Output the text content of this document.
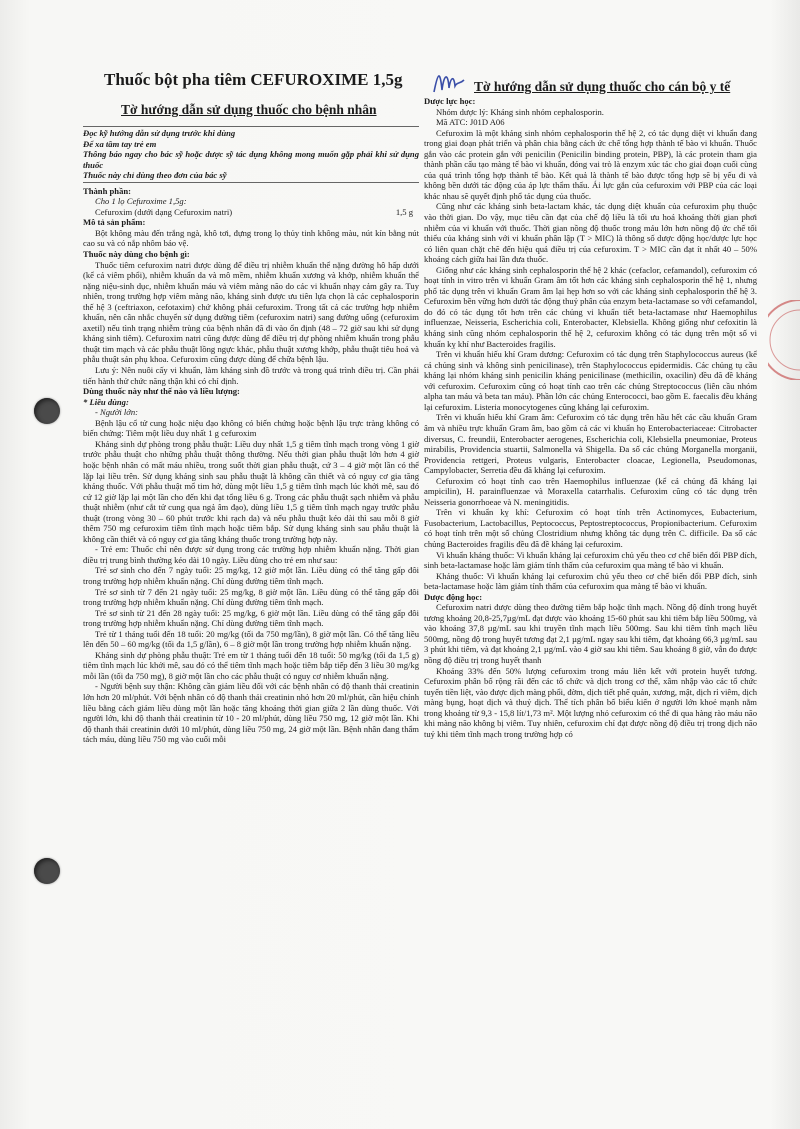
Thuốc bột pha tiêm CEFUROXIME 1,5g	Tờ hướng dẫn sử dụng thuốc cho cán bộ y tế
Tờ hướng dẫn sử dụng thuốc cho bệnh nhân
Đọc kỹ hướng dẫn sử dụng trước khi dùng
Để xa tầm tay trẻ em
Thông báo ngay cho bác sỹ hoặc dược sỹ tác dụng không mong muốn gặp phải khi sử dụng thuốc
Thuốc này chỉ dùng theo đơn của bác sỹ

Thành phần:

Cho 1 lọ Cefuroxime 1,5g:

Cefuroxim (dưới dạng Cefuroxim natri)	1,5 g

Mô tả sản phẩm:

Bột không màu đến trắng ngà, khô tơi, đựng trong lọ thủy tinh không màu, nút kín bằng nút cao su và có nắp nhôm bảo vệ.

Thuốc này dùng cho bệnh gì:

Thuốc tiêm cefuroxim natri được dùng để điều trị nhiễm khuẩn thể nặng đường hô hấp dưới (kể cả viêm phổi), nhiễm khuẩn da và mô mềm, nhiễm khuẩn xương và khớp, nhiễm khuẩn thể nặng niệu-sinh dục, nhiễm khuẩn máu và viêm màng não do các vi khuẩn nhạy cảm gây ra. Tuy nhiên, trong trường hợp viêm màng não, kháng sinh được ưu tiên lựa chọn là các cephalosporin thế hệ 3 (ceftriaxon, cefotaxim) chứ không phải cefuroxim. Trong tất cả các trường hợp nhiễm khuẩn, nên cân nhắc chuyển sử dụng đường tiêm (cefuroxim natri) sang đường uống (cefuroxim axetil) nếu tình trạng nhiễm trùng của bệnh nhân đã đi vào ổn định (48 – 72 giờ sau khi sử dụng kháng sinh tiêm). Cefuroxim natri cũng được dùng để điều trị dự phòng nhiễm khuẩn trong phẫu thuật tim mạch và các phẫu thuật lồng ngực khác, phẫu thuật xương khớp, phẫu thuật tiêu hoá và phẫu thuật sản phụ khoa. Cefuroxim cũng được dùng để chữa bệnh lậu.

Lưu ý: Nên nuôi cấy vi khuẩn, làm kháng sinh đồ trước và trong quá trình điều trị. Cần phải tiến hành thử chức năng thận khi có chỉ định.

Dùng thuốc này như thế nào và liều lượng:

* Liều dùng:

- Người lớn:

Bệnh lậu cổ tử cung hoặc niệu đạo không có biến chứng hoặc bệnh lậu trực tràng không có biến chứng: Tiêm một liều duy nhất 1 g cefuroxim

Kháng sinh dự phòng trong phẫu thuật: Liều duy nhất 1,5 g tiêm tĩnh mạch trong vòng 1 giờ trước phẫu thuật cho những phẫu thuật thông thường. Nếu thời gian phẫu thuật lớn hơn 4 giờ hoặc bệnh nhân có mất máu nhiều, trong suốt thời gian phẫu thuật, cứ 3 – 4 giờ một lần có thể lặp lại liều trên. Sử dụng kháng sinh sau phẫu thuật là không cần thiết và có nguy cơ gia tăng kháng thuốc. Với phẫu thuật mổ tim hở, dùng một liều 1,5 g tiêm tĩnh mạch lúc khởi mê, sau đó cứ 12 giờ lặp lại một lần cho đến khi đạt tổng liều 6 g. Trong các phẫu thuật sạch nhiễm và phẫu thuật nhiễm (như cắt tử cung qua ngả âm đạo), dùng liều 1,5 g tiêm tĩnh mạch ngay trước phẫu thuật (trong vòng 30 – 60 phút trước khi rạch da) và nếu phẫu thuật kéo dài thì sau mỗi 8 giờ thêm 750 mg cefuroxim tiêm tĩnh mạch hoặc tiêm bắp. Sử dụng kháng sinh sau phẫu thuật là không cần thiết và có nguy cơ gia tăng kháng thuốc trong trường hợp này.

- Trẻ em: Thuốc chỉ nên được sử dụng trong các trường hợp nhiễm khuẩn nặng. Thời gian điều trị trung bình thường kéo dài 10 ngày. Liều dùng cho trẻ em như sau:

Trẻ sơ sinh cho đến 7 ngày tuổi: 25 mg/kg, 12 giờ một lần. Liều dùng có thể tăng gấp đôi trong trường hợp nhiễm khuẩn nặng. Chỉ dùng đường tiêm tĩnh mạch.

Trẻ sơ sinh từ 7 đến 21 ngày tuổi: 25 mg/kg, 8 giờ một lần. Liều dùng có thể tăng gấp đôi trong trường hợp nhiễm khuẩn nặng. Chỉ dùng đường tiêm tĩnh mạch.

Trẻ sơ sinh từ 21 đến 28 ngày tuổi: 25 mg/kg, 6 giờ một lần. Liều dùng có thể tăng gấp đôi trong trường hợp nhiễm khuẩn nặng. Chỉ dùng đường tiêm tĩnh mạch.

Trẻ từ 1 tháng tuổi đến 18 tuổi: 20 mg/kg (tối đa 750 mg/lần), 8 giờ một lần. Có thể tăng liều lên đến 50 – 60 mg/kg (tối đa 1,5 g/lần), 6 – 8 giờ một lần trong trường hợp nhiễm khuẩn nặng.

Kháng sinh dự phòng phẫu thuật: Trẻ em từ 1 tháng tuổi đến 18 tuổi: 50 mg/kg (tối đa 1,5 g) tiêm tĩnh mạch lúc khởi mê, sau đó có thể tiêm tĩnh mạch hoặc tiêm bắp tiếp đến 3 liều 30 mg/kg mỗi lần (tối đa 750 mg), 8 giờ một lần cho các phẫu thuật có nguy cơ nhiễm khuẩn nặng.

- Người bệnh suy thận: Không cần giảm liều đối với các bệnh nhân có độ thanh thải creatinin lớn hơn 20 ml/phút. Với bệnh nhân có độ thanh thải creatinin nhỏ hơn 20 ml/phút, cần hiệu chỉnh liều bằng cách giảm liều dùng một lần hoặc tăng khoảng thời gian giữa 2 lần dùng thuốc. Với người lớn, khi độ thanh thải creatinin từ 10 - 20 ml/phút, dùng liều 750 mg, 12 giờ một lần. Khi độ thanh thải creatinin dưới 10 ml/phút, dùng liều 750 mg, 24 giờ một lần. Bệnh nhân đang thẩm tách máu, dùng liều 750 mg vào cuối mỗi

Dược lực học:

Nhóm dược lý: Kháng sinh nhóm cephalosporin.

Mã ATC: J01D A06

Cefuroxim là một kháng sinh nhóm cephalosporin thế hệ 2, có tác dụng diệt vi khuẩn đang trong giai đoạn phát triển và phân chia bằng cách ức chế tổng hợp thành tế bào vi khuẩn. Thuốc gắn vào các protein gắn với penicilin (Penicilin binding protein, PBP), là các protein tham gia thành phần cấu tạo màng tế bào vi khuẩn, đóng vai trò là enzym xúc tác cho giai đoạn cuối cùng của quá trình tổng hợp thành tế bào. Kết quả là thành tế bào được tổng hợp sẽ bị yếu đi và không bền dưới tác động của áp lực thẩm thấu. Ái lực gắn của cefuroxim với PBP của các loại khác nhau sẽ quyết định phổ tác dụng của thuốc.

Cũng như các kháng sinh beta-lactam khác, tác dụng diệt khuẩn của cefuroxim phụ thuộc vào thời gian. Do vậy, mục tiêu cần đạt của chế độ liều là tối ưu hoá khoảng thời gian phơi nhiễm của vi khuẩn với thuốc. Thời gian nồng độ thuốc trong máu lớn hơn nồng độ ức chế tối thiểu của kháng sinh với vi khuẩn phân lập (T > MIC) là thông số dược động học/dược lực học có liên quan chặt chẽ đến hiệu quả điều trị của cefuroxim. T > MIC cần đạt ít nhất 40 – 50% khoảng cách giữa hai lần đưa thuốc.

Giống như các kháng sinh cephalosporin thế hệ 2 khác (cefaclor, cefamandol), cefuroxim có hoạt tính in vitro trên vi khuẩn Gram âm tốt hơn các kháng sinh cephalosporin thế hệ 1, nhưng phổ tác dụng trên vi khuẩn Gram âm lại hẹp hơn so với các kháng sinh cephalosporin thế hệ 3. Cefuroxim bền vững hơn dưới tác động thuỷ phân của enzym beta-lactamase so với cefamandol, do đó có tác dụng tốt hơn trên các chủng vi khuẩn tiết beta-lactamase như Haemophilus influenzae, Neisseria, Escherichia coli, Enterobacter, Klebsiella. Không giống như cefoxitin là kháng sinh cũng nhóm cephalosporin thế hệ 2, cefuroxim không có tác dụng trên một số vi khuẩn kỵ khí như Bacteroides fragilis.

Trên vi khuẩn hiếu khí Gram dương: Cefuroxim có tác dụng trên Staphylococcus aureus (kể cả chủng sinh và không sinh penicilinase), trên Staphylococcus epidermidis. Các chủng tụ cầu kháng lại nhóm kháng sinh penicilin kháng penicilinase (methicilin, oxacilin) đều đã đề kháng với cefuroxim. Cefuroxim cũng có hoạt tính cao trên các chủng Streptococcus (liên cầu nhóm alpha tan máu và beta tan máu). Phần lớn các chủng Enterococci, bao gồm E. faecalis đều kháng lại cefuroxim. Listeria monocytogenes cũng kháng lại cefuroxim.

Trên vi khuẩn hiếu khí Gram âm: Cefuroxim có tác dụng trên hầu hết các cầu khuẩn Gram âm và nhiều trực khuẩn Gram âm, bao gồm cả các vi khuẩn họ Enterobacteriaceae: Citrobacter diversus, C. freundii, Enterobacter aerogenes, Escherichia coli, Klebsiella pneumoniae, Proteus mirabilis, Providencia stuartii, Salmonella và Shigella. Đa số các chủng Morganella morganii, Providencia rettgeri, Proteus vulgaris, Enterobacter cloacae, Legionella, Pseudomonas, Campylobacter, Serretia đều đã kháng lại cefuroxim.

Cefuroxim có hoạt tính cao trên Haemophilus influenzae (kể cả chủng đã kháng lại ampicilin), H. parainfluenzae và Moraxella catarrhalis. Cefuroxim cũng có tác dụng trên Neisseria gonorrhoeae và N. meningitidis.

Trên vi khuẩn kỵ khí: Cefuroxim có hoạt tính trên Actinomyces, Eubacterium, Fusobacterium, Lactobacillus, Peptococcus, Peptostreptococcus, Propionibacterium. Cefuroxim có hoạt tính trên một số chủng Clostridium nhưng không tác dụng trên C. difficile. Đa số các chủng Bacteroides fragilis đều đã đề kháng lại cefuroxim.

Vi khuẩn kháng thuốc: Vi khuẩn kháng lại cefuroxim chủ yếu theo cơ chế biến đổi PBP đích, sinh beta-lactamase hoặc làm giảm tính thấm của cefuroxim qua màng tế bào vi khuẩn.

Kháng thuốc: Vi khuẩn kháng lại cefuroxim chủ yếu theo cơ chế biến đổi PBP đích, sinh beta-lactamase hoặc làm giảm tính thấm của cefuroxim qua màng tế bào vi khuẩn.

Dược động học:

Cefuroxim natri được dùng theo đường tiêm bắp hoặc tĩnh mạch. Nồng độ đỉnh trong huyết tương khoảng 20,8-25,7µg/mL đạt được vào khoảng 15-60 phút sau khi tiêm bắp liều 500mg, và vào khoảng 37,8 µg/mL sau khi truyền tĩnh mạch liều 500mg. Sau khi tiêm tĩnh mạch liều 500mg, nồng độ trong huyết tương đạt 2,1 µg/mL ngay sau khi tiêm, đạt khoảng 66,3 µg/mL sau 3 phút khi tiêm, và đạt khoảng 2,1 µg/mL vào 4 giờ sau khi tiêm. Sau khoảng 8 giờ, vẫn đo được nồng độ điều trị trong huyết thanh

Khoảng 33% đến 50% lượng cefuroxim trong máu liên kết với protein huyết tương. Cefuroxim phân bố rộng rãi đến các tổ chức và dịch trong cơ thể, xâm nhập vào các tổ chức tuyến tiền liệt, vào được dịch màng phổi, đờm, dịch tiết phế quản, xương, mật, dịch rỉ viêm, dịch màng bụng, hoạt dịch và thuỷ dịch. Thể tích phân bố biểu kiến ở người lớn khoẻ mạnh nằm trong khoảng từ 9,3 - 15,8 lít/1,73 m². Một lượng nhỏ cefuroxim có thể đi qua hàng rào máu não khi màng não không bị viêm. Tuy nhiên, cefuroxim chỉ đạt được nồng độ điều trị trong dịch não tuỷ khi tiêm tĩnh mạch trong trường hợp có
